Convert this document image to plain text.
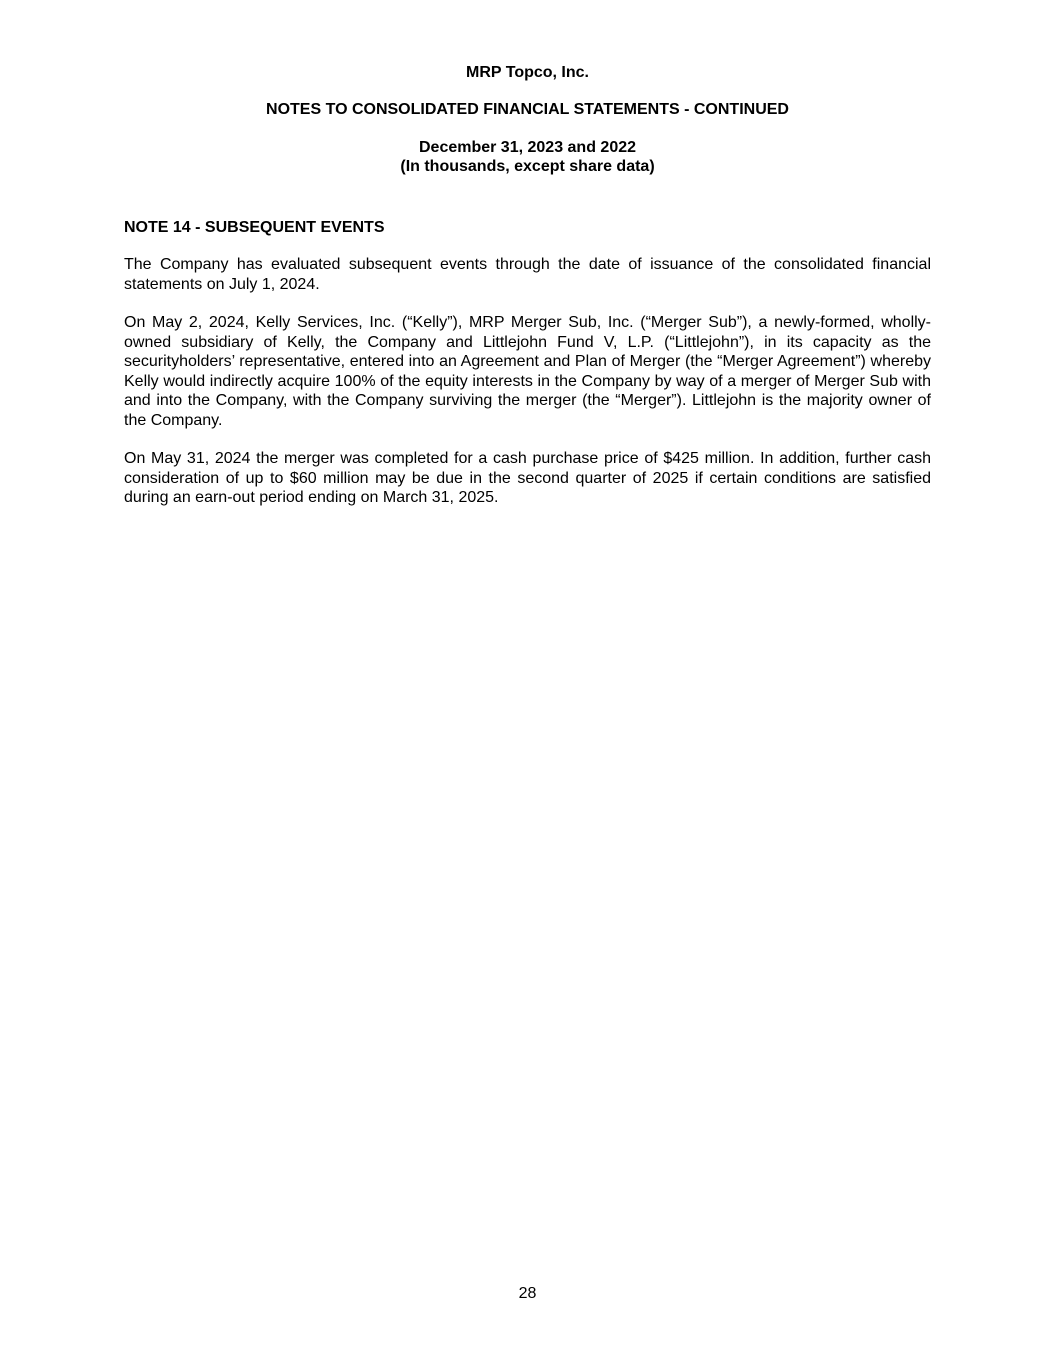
MRP Topco, Inc.
NOTES TO CONSOLIDATED FINANCIAL STATEMENTS - CONTINUED
December 31, 2023 and 2022
(In thousands, except share data)
NOTE 14 - SUBSEQUENT EVENTS

The Company has evaluated subsequent events through the date of issuance of the consolidated financial statements on July 1, 2024.

On May 2, 2024, Kelly Services, Inc. (“Kelly”), MRP Merger Sub, Inc. (“Merger Sub”), a newly-formed, wholly-owned subsidiary of Kelly, the Company and Littlejohn Fund V, L.P. (“Littlejohn”), in its capacity as the securityholders’ representative, entered into an Agreement and Plan of Merger (the “Merger Agreement”) whereby Kelly would indirectly acquire 100% of the equity interests in the Company by way of a merger of Merger Sub with and into the Company, with the Company surviving the merger (the “Merger”). Littlejohn is the majority owner of the Company.

On May 31, 2024 the merger was completed for a cash purchase price of $425 million. In addition, further cash consideration of up to $60 million may be due in the second quarter of 2025 if certain conditions are satisfied during an earn-out period ending on March 31, 2025.

28
